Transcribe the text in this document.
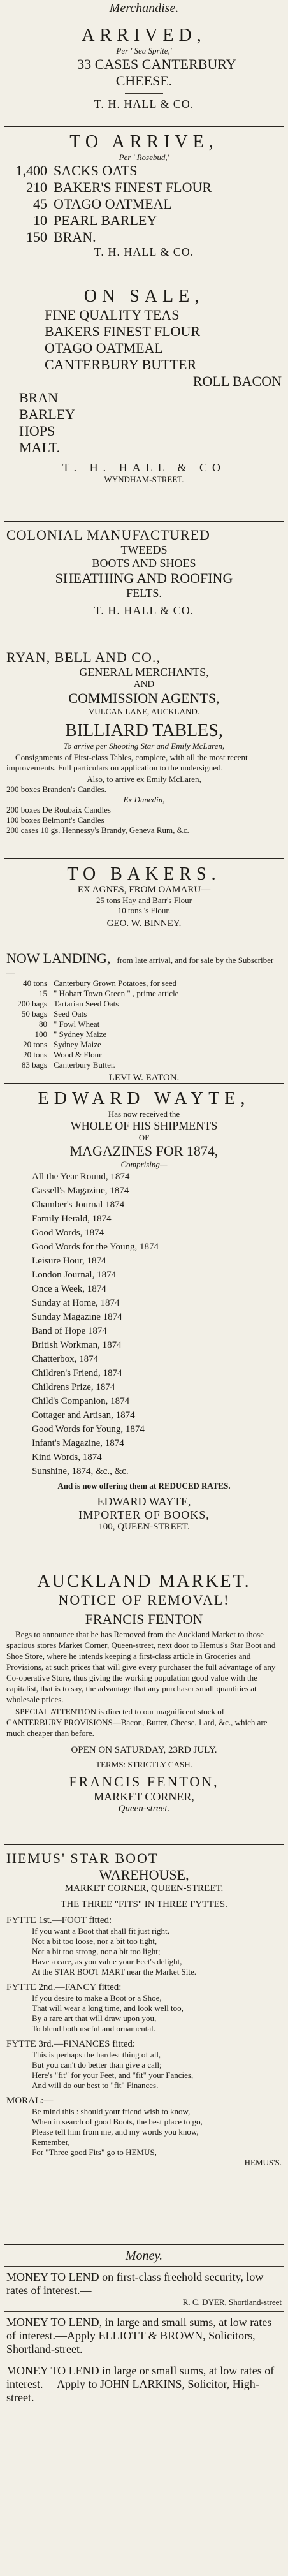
Merchandise.
ARRIVED,
Per ' Sea Sprite,'
33 CASES CANTERBURY
CHEESE.
T. H. HALL & CO.
TO ARRIVE,
Per ' Rosebud,'
1,400 SACKS OATS
210 BAKER'S FINEST FLOUR
45 OTAGO OATMEAL
10 PEARL BARLEY
150 BRAN.
T. H. HALL & CO.
ON SALE,
FINE QUALITY TEAS
BAKERS FINEST FLOUR
OTAGO OATMEAL
CANTERBURY BUTTER
ROLL BACON
BRAN
BARLEY
HOPS
MALT.
T. H. HALL & CO
WYNDHAM-STREET.
COLONIAL MANUFACTURED
TWEEDS
BOOTS AND SHOES
SHEATHING AND ROOFING
FELTS.
T. H. HALL & CO.
RYAN, BELL AND CO.,
GENERAL MERCHANTS,
AND
COMMISSION AGENTS,
VULCAN LANE, AUCKLAND.
BILLIARD TABLES,
To arrive per Shooting Star and Emily McLaren,

Consignments of First-class Tables, complete, with all the most recent improvements. Full particulars on application to the undersigned.

Also, to arrive ex Emily McLaren,
200 boxes Brandon's Candles.
Ex Dunedin,
200 boxes De Roubaix Candles
100 boxes Belmont's Candles
200 cases 10 gs. Hennessy's Brandy, Geneva Rum, &c.
TO BAKERS.
EX AGNES, FROM OAMARU—
25 tons Hay and Barr's Flour
10 tons 's Flour.
GEO. W. BINNEY.
NOW LANDING, from late arrival, and for sale by the Subscriber—
40 tons Canterbury Grown Potatoes, for seed
15 " Hobart Town Green " , prime article
200 bags Tartarian Seed Oats
50 bags Seed Oats
80 " Fowl Wheat
100 " Sydney Maize
20 tons Sydney Maize
20 tons Wood & Flour
83 bags Canterbury Butter.
LEVI W. EATON.
EDWARD WAYTE,
Has now received the
WHOLE OF HIS SHIPMENTS
OF
MAGAZINES FOR 1874,
Comprising—
All the Year Round, 1874
Cassell's Magazine, 1874
Chamber's Journal 1874
Family Herald, 1874
Good Words, 1874
Good Words for the Young, 1874
Leisure Hour, 1874
London Journal, 1874
Once a Week, 1874
Sunday at Home, 1874
Sunday Magazine 1874
Band of Hope 1874
British Workman, 1874
Chatterbox, 1874
Children's Friend, 1874
Childrens Prize, 1874
Child's Companion, 1874
Cottager and Artisan, 1874
Good Words for Young, 1874
Infant's Magazine, 1874
Kind Words, 1874
Sunshine, 1874, &c., &c.
And is now offering them at REDUCED RATES.
EDWARD WAYTE,
IMPORTER OF BOOKS,
100, QUEEN-STREET.
AUCKLAND MARKET.
NOTICE OF REMOVAL!
FRANCIS FENTON

Begs to announce that he has Removed from the Auckland Market to those spacious stores Market Corner, Queen-street, next door to Hemus's Star Boot and Shoe Store, where he intends keeping a first-class article in Groceries and Provisions, at such prices that will give every purchaser the full advantage of any Co-operative Store, thus giving the working population good value with the capitalist, that is to say, the advantage that any purchaser small quantities at wholesale prices.

SPECIAL ATTENTION is directed to our magnificent stock of CANTERBURY PROVISIONS—Bacon, Butter, Cheese, Lard, &c., which are much cheaper than before.

OPEN ON SATURDAY, 23RD JULY.
TERMS: STRICTLY CASH.
FRANCIS FENTON,
MARKET CORNER,
Queen-street.
HEMUS' STAR BOOT
WAREHOUSE,
MARKET CORNER, QUEEN-STREET.
THE THREE "FITS" IN THREE FYTTES.
FYTTE 1st.—FOOT fitted:
If you want a Boot that shall fit just right,
Not a bit too loose, nor a bit too tight,
Not a bit too strong, nor a bit too light;
Have a care, as you value your Feet's delight,
At the STAR BOOT MART near the Market Site.
FYTTE 2nd.—FANCY fitted:
If you desire to make a Boot or a Shoe,
That will wear a long time, and look well too,
By a rare art that will draw upon you,
To blend both useful and ornamental.
FYTTE 3rd.—FINANCES fitted:
This is perhaps the hardest thing of all,
But you can't do better than give a call;
Here's "fit" for your Feet, and "fit" your Fancies,
And will do our best to "fit" Finances.
MORAL:—
Be mind this : should your friend wish to know,
When in search of good Boots, the best place to go,
Please tell him from me, and my words you know,
Remember,
For "Three good Fits" go to HEMUS,
HEMUS'S.
Money.
MONEY TO LEND on first-class freehold security, low rates of interest.—
R. C. DYER, Shortland-street
MONEY TO LEND, in large and small sums, at low rates of interest.—Apply ELLIOTT & BROWN, Solicitors, Shortland-street.
MONEY TO LEND in large or small sums, at low rates of interest.— Apply to JOHN LARKINS, Solicitor, High-street.
